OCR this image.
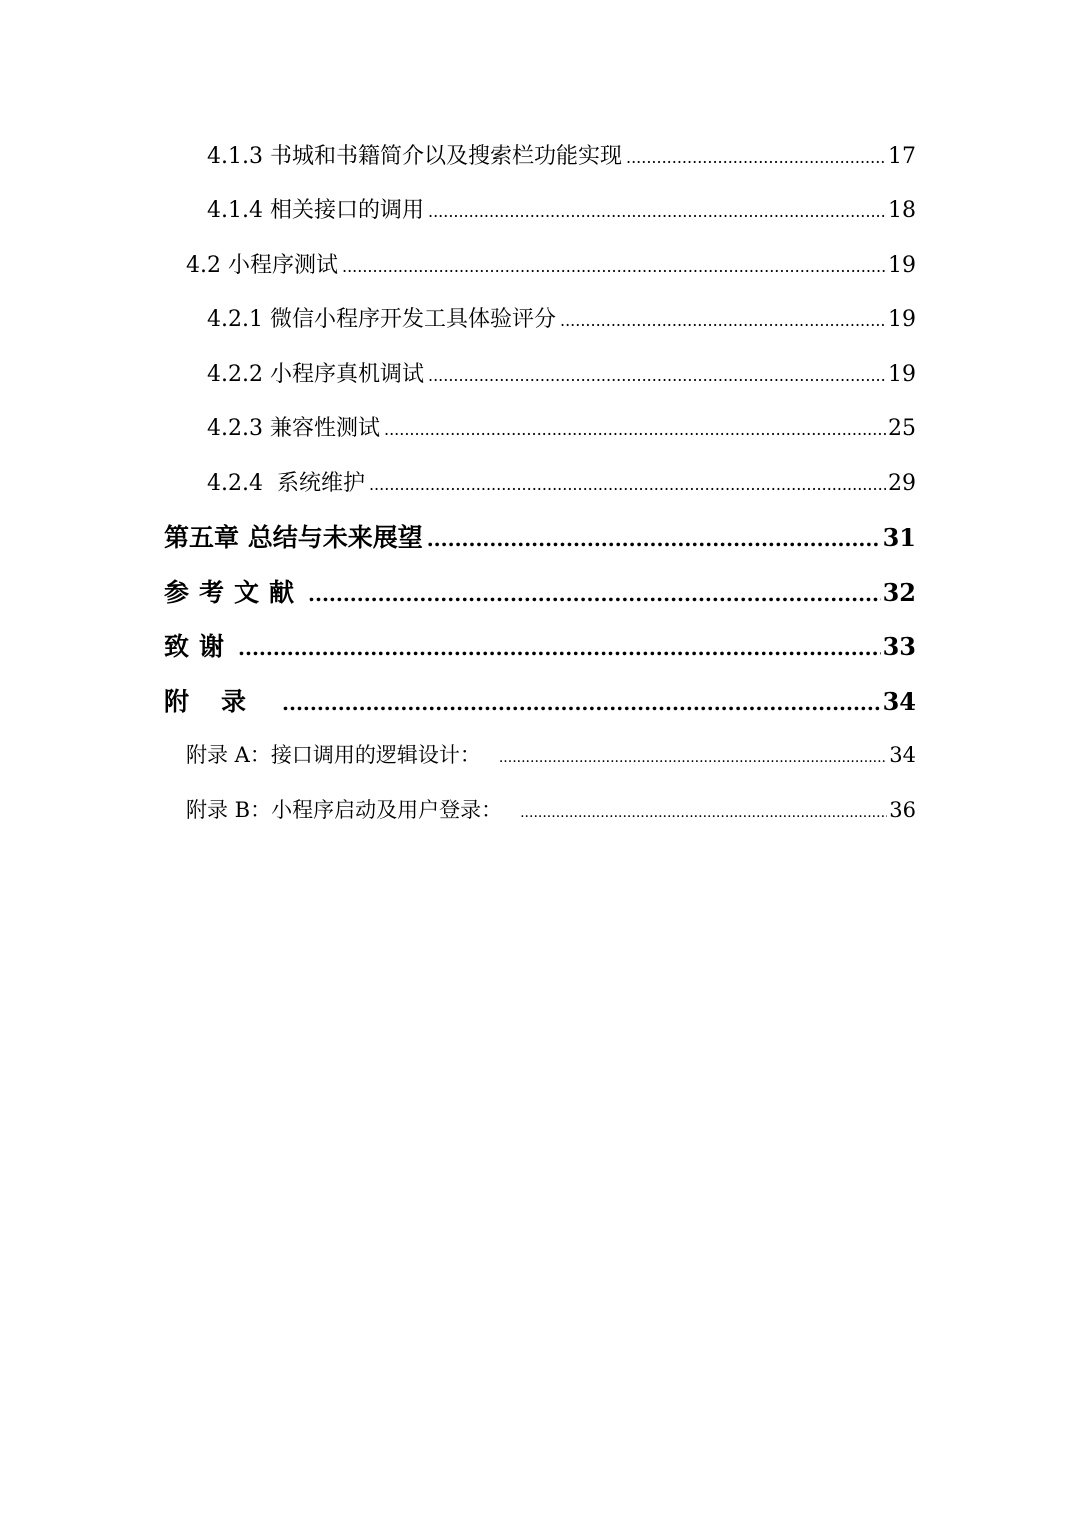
4.1.3 书城和书籍简介以及搜索栏功能实现 .....	17
4.1.4 相关接口的调用 .....	18
4.2 小程序测试 .....	19
4.2.1 微信小程序开发工具体验评分 .....	19
4.2.2 小程序真机调试 .....	19
4.2.3 兼容性测试 .....	25
4.2.4  系统维护 .....	29
第五章 总结与未来展望 .....	31
参考文献 .....	32
致谢 .....	33
附录 .....	34
附录 A：接口调用的逻辑设计： .....	34
附录 B：小程序启动及用户登录： .....	36
